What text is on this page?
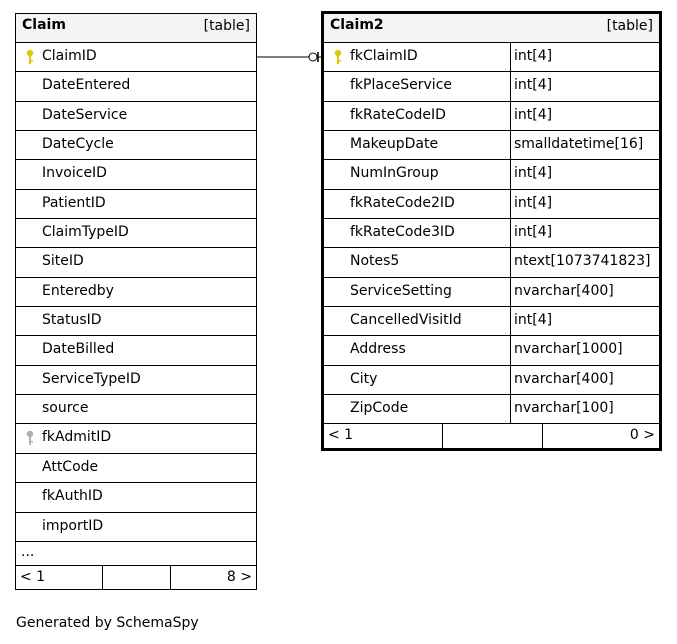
Claim	[table]
ClaimID
DateEntered
DateService
DateCycle
InvoiceID
PatientID
ClaimTypeID
SiteID
Enteredby
StatusID
DateBilled
ServiceTypeID
source
fkAdmitID
AttCode
fkAuthID
importID
...
< 1	8 >
Claim2	[table]
fkClaimID	int[4]
fkPlaceService	int[4]
fkRateCodeID	int[4]
MakeupDate	smalldatetime[16]
NumInGroup	int[4]
fkRateCode2ID	int[4]
fkRateCode3ID	int[4]
Notes5	ntext[1073741823]
ServiceSetting	nvarchar[400]
CancelledVisitId	int[4]
Address	nvarchar[1000]
City	nvarchar[400]
ZipCode	nvarchar[100]
< 1	0 >
Generated by SchemaSpy
